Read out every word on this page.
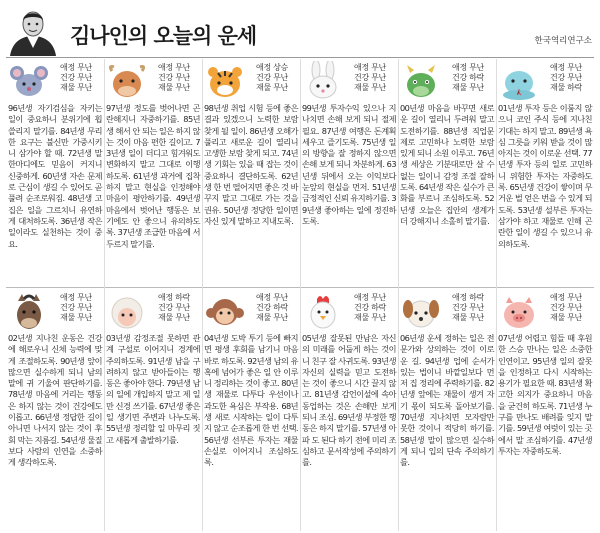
김나인의 오늘의 운세	한국역리연구소
애정 무난
건강 무난
재물 무난
96년생 자기검심을 자키는 일이 중요하니 분위기에 휩쓸리지 말기를. 84년생 무리한 요구는 불신만 가중시키니 삼가야 할 때. 72년생 말 한마디에도 믿음이 커지니 신중하게. 60년생 자손 문제로 근심이 생길 수 있어도 곧 풀려 순조로워짐. 48년생 고집은 일을 그르치니 유연하게 대처하도록. 36년생 작은 일이라도 실천하는 것이 중요.
애정 무난
건강 무난
재물 무난
97년생 정도를 벗어나면 곤란해지니 자중하기를. 85년생 해서 안 되는 일은 하지 않는 것이 마음 편한 길이고. 73년생 일이 더디고 힘겨워도 변화하지 말고 그대로 이행하도록. 61년생 과거에 집착하지 말고 현실을 인정해야 마음이 평안하기를. 49년생 마음에서 벗어난 행동은 보기에도 안 좋으니 유의하도록. 37년생 조급한 마음에 서두르지 말기를.
애정 상승
건강 무난
재물 무난
98년생 취업 시험 등에 좋은 결과 있겠으니 노력한 보람 찾게 될 일이. 86년생 오해가 풀리고 새로운 길이 열리니 고생한 보람 찾게 되고. 74년생 기회는 있을 때 잡는 것이 중요하니 결단하도록. 62년생 한 번 떨어지면 좋은 것 바꾸지 말고 그대로 가는 것을 권유. 50년생 정당한 일이면 자신 있게 말하고 지내도록.
애정 무난
건강 무난
재물 무난
99년생 투자수익 있으나 지나치면 손해 보게 되니 절제 필요. 87년생 여행은 돈계획 세우고 즐기도록. 75년생 일의 방향을 잘 정하지 않으면 손해 보게 되니 차분하게. 63년생 뒤에서 오는 이익보다 눈앞의 현실을 먼저. 51년생 금정적인 신뢰 유지하기를. 39년생 좋아하는 일에 정진하도록.
애정 무난
건강 하락
재물 무난
00년생 마음을 바꾸면 새로운 길이 열리니 두려워 말고 도전하기를. 88년생 직업문제로 고민하나 노력한 보람 있게 되니 소원 이루고. 76년생 세상은 기분대로만 살 수 없는 일이니 감정 조절 잘하도록. 64년생 작은 실수가 큰 화를 부르니 조심하도록. 52년생 오늘은 집안의 생계가 더 강해지니 소홀히 말기를.
애정 무난
건강 무난
재물 하락
01년생 투자 등은 이룸지 않으니 코인 주식 등에 지나친 기대는 하지 말고. 89년생 욕심 그릇을 키워 받을 것이 많아지는 것이 이로운 선택. 77년생 투자 등의 일로 고민하니 위험한 투자는 자중하도록. 65년생 건강이 쌓이며 무거운 벌 얻은 번을 수 있게 되도록. 53년생 설부른 투자는 삼가야 하고 재물로 인해 곤란한 일이 생길 수 있으니 유의하도록.
애정 무난
건강 무난
재물 무난
02년생 지나친 운동은 건강에 해로우니 신체 능력에 맞게 조절하도록. 90년생 앞이 많으면 실수하게 되니 남의 말에 귀 기울여 판단하기를. 78년생 마음에 거리는 행동은 하지 않는 것이 건강에도 이롭고. 66년생 정답한 길이 아니면 나서지 않는 것이 후회 막는 지름길. 54년생 물질보다 사람의 인연을 소중하게 생각하도록.
애정 하락
건강 무난
재물 무난
03년생 감정조절 못하면 관계 구설로 이어지니 경계에 주의하도록. 91년생 남을 구려하지 않고 받아들이는 행동은 좋아야 한다. 79년생 남의 일에 개입하지 말고 제 일만 신경 쓰기를. 67년생 좋은 일 생기면 주변과 나누도록. 55년생 정리할 일 마무리 짓고 새롭게 출발하기를.
애정 무난
건강 하락
재물 무난
04년생 도박 투기 등에 빠지면 평생 후회를 남기니 마음 바로 하도록. 92년생 남의 유혹에 넘어가 좋은 일 안 이루니 정리하는 것이 좋고. 80년생 재물로 다투다 우선이나 과도한 욕심은 부작용. 68년생 새로 시작하는 일이 다투지 않고 순조롭게 한 번 선택. 56년생 선부른 투자는 재물 손실로 이어지니 조심하도록.
애정 무난
건강 하락
재물 무난
05년생 잘못된 만남은 자신의 미래를 어둡게 하는 것이니 친구 잘 사귀도록. 93년생 자신의 실력을 믿고 도전하는 것이 좋으니 시간 끌지 않고. 81년생 감언이설에 속아 동업하는 것은 손해만 보게 되니 조심. 69년생 부정한 행동은 하지 말기를. 57년생 아파 도 된다 하기 전에 미리 조심하고 문서작성에 주의하기를.
애정 하락
건강 무난
재물 무난
06년생 운세 정하는 일은 전문가와 상의하는 것이 이로운 길. 94년생 업에 순서가 있는 법이니 바깥일보다 먼저 집 정리에 주력하기를. 82년생 앞에는 재물이 생겨 자기 몫이 되도록 돌아보기를. 70년생 지나치면 모자람만 못한 것이니 적당히 하기를. 58년생 말이 많으면 실수하게 되니 입의 단속 주의하기를.
애정 무난
건강 무난
재물 무난
07년생 어렵고 힘들 때 후원한 스승 만나는 일은 소중한 인연이고. 95년생 일의 잘못을 인정하고 다시 시작하는 용기가 필요한 때. 83년생 확고한 의지가 중요하니 마음을 굳건히 하도록. 71년생 누구를 만나도 배려를 잊지 말기를. 59년생 여럿이 있는 곳에서 말 조심하기를. 47년생 투자는 자중하도록.
